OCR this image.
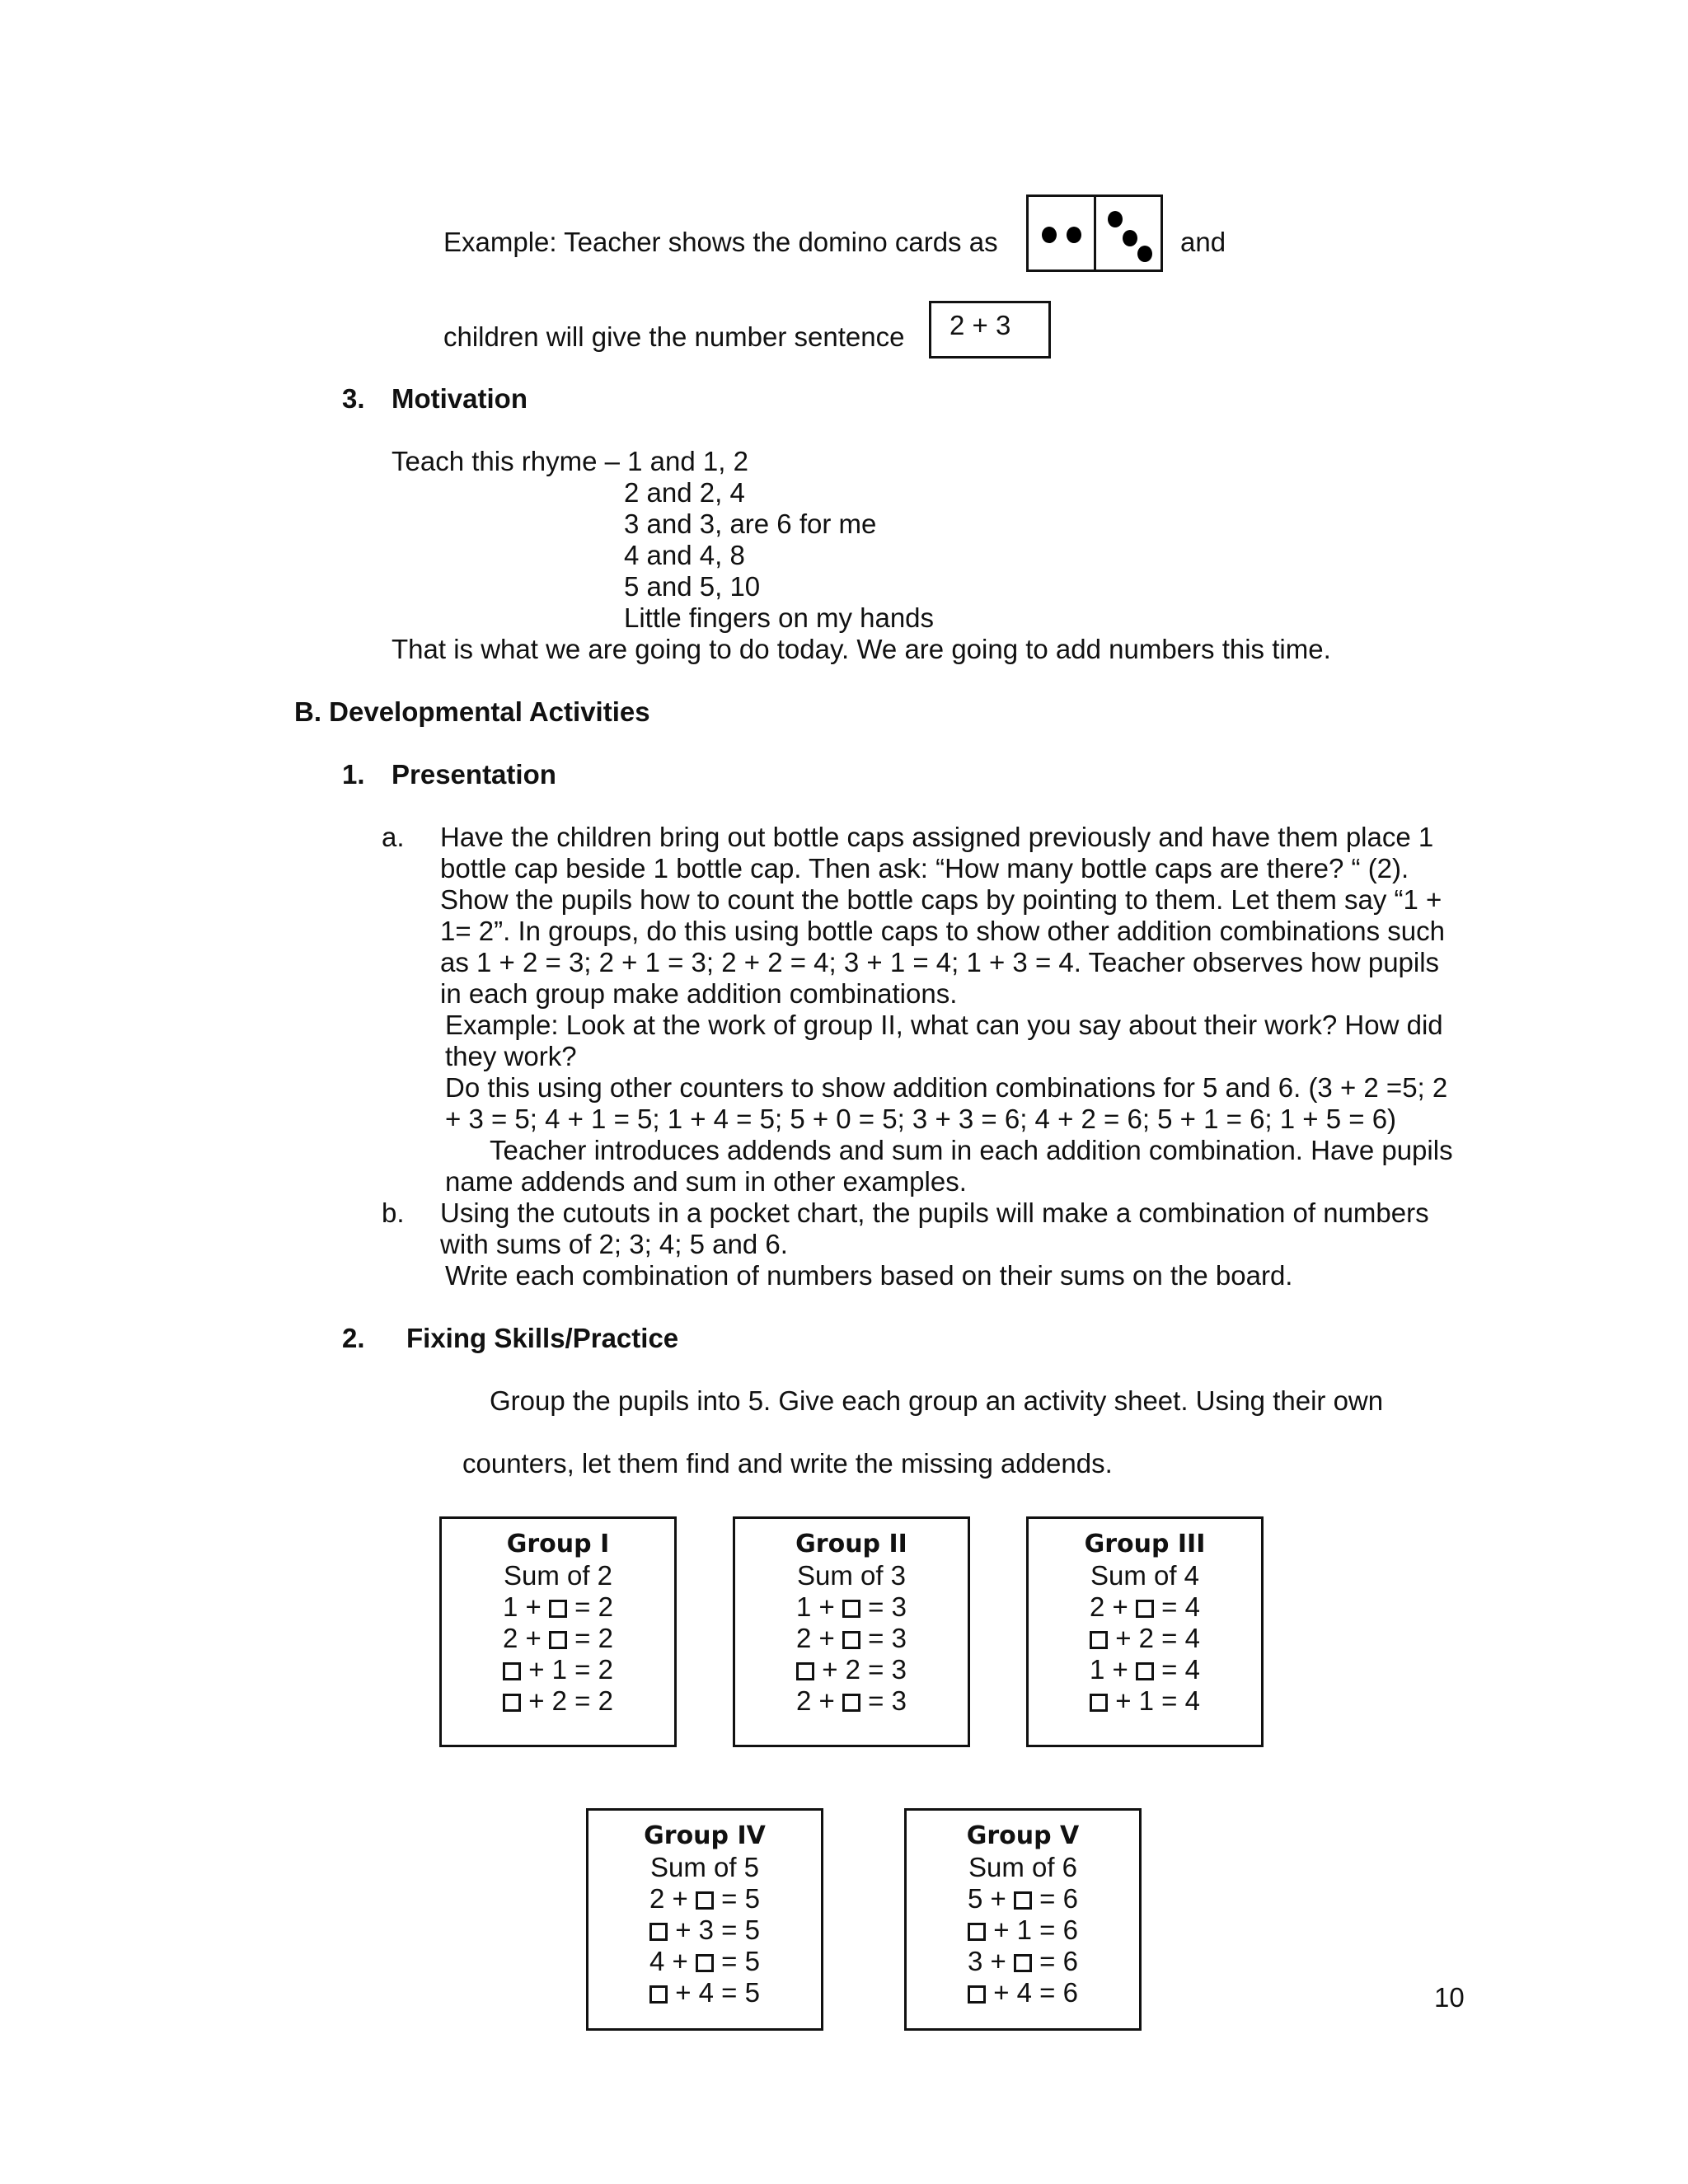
Example: Teacher shows the domino cards as	and
children will give the number sentence	2 + 3
3. Motivation
Teach this rhyme – 1 and 1, 2
2 and 2, 4
3 and 3, are 6 for me
4 and 4, 8
5 and 5, 10
Little fingers on my hands
That is what we are going to do today. We are going to add numbers this time.
B. Developmental Activities
1. Presentation
a. Have the children bring out bottle caps assigned previously and have them place 1
bottle cap beside 1 bottle cap. Then ask: “How many bottle caps are there? “ (2).
Show the pupils how to count the bottle caps by pointing to them. Let them say “1 +
1= 2”. In groups, do this using bottle caps to show other addition combinations such
as 1 + 2 = 3; 2 + 1 = 3; 2 + 2 = 4; 3 + 1 = 4; 1 + 3 = 4. Teacher observes how pupils
in each group make addition combinations.
Example: Look at the work of group II, what can you say about their work? How did
they work?
Do this using other counters to show addition combinations for 5 and 6. (3 + 2 =5; 2
+ 3 = 5; 4 + 1 = 5; 1 + 4 = 5; 5 + 0 = 5; 3 + 3 = 6; 4 + 2 = 6; 5 + 1 = 6; 1 + 5 = 6)
Teacher introduces addends and sum in each addition combination. Have pupils
name addends and sum in other examples.
b. Using the cutouts in a pocket chart, the pupils will make a combination of numbers
with sums of 2; 3; 4; 5 and 6.
Write each combination of numbers based on their sums on the board.
2. Fixing Skills/Practice
Group the pupils into 5. Give each group an activity sheet. Using their own
counters, let them find and write the missing addends.
Group I
Sum of 2
1 +  = 2
2 +  = 2
+ 1 = 2
+ 2 = 2
Group II
Sum of 3
1 +  = 3
2 +  = 3
+ 2 = 3
2 +  = 3
Group III
Sum of 4
2 +  = 4
+ 2 = 4
1 +  = 4
+ 1 = 4
Group IV
Sum of 5
2 +  = 5
+ 3 = 5
4 +  = 5
+ 4 = 5
Group V
Sum of 6
5 +  = 6
+ 1 = 6
3 +  = 6
+ 4 = 6	10
